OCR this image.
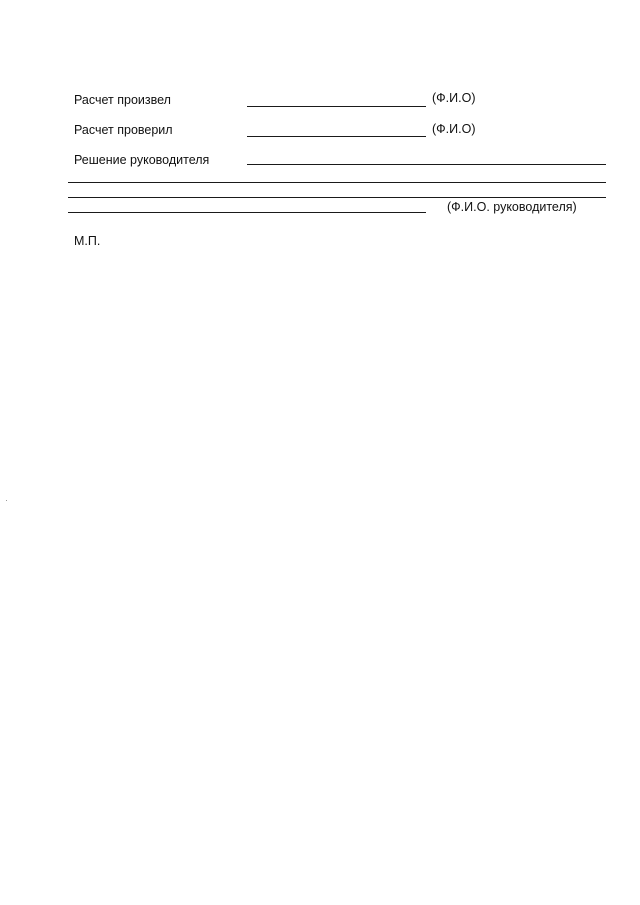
Расчет произвел	(Ф.И.О)
Расчет проверил	(Ф.И.О)
Решение руководителя
(Ф.И.О. руководителя)
М.П.
